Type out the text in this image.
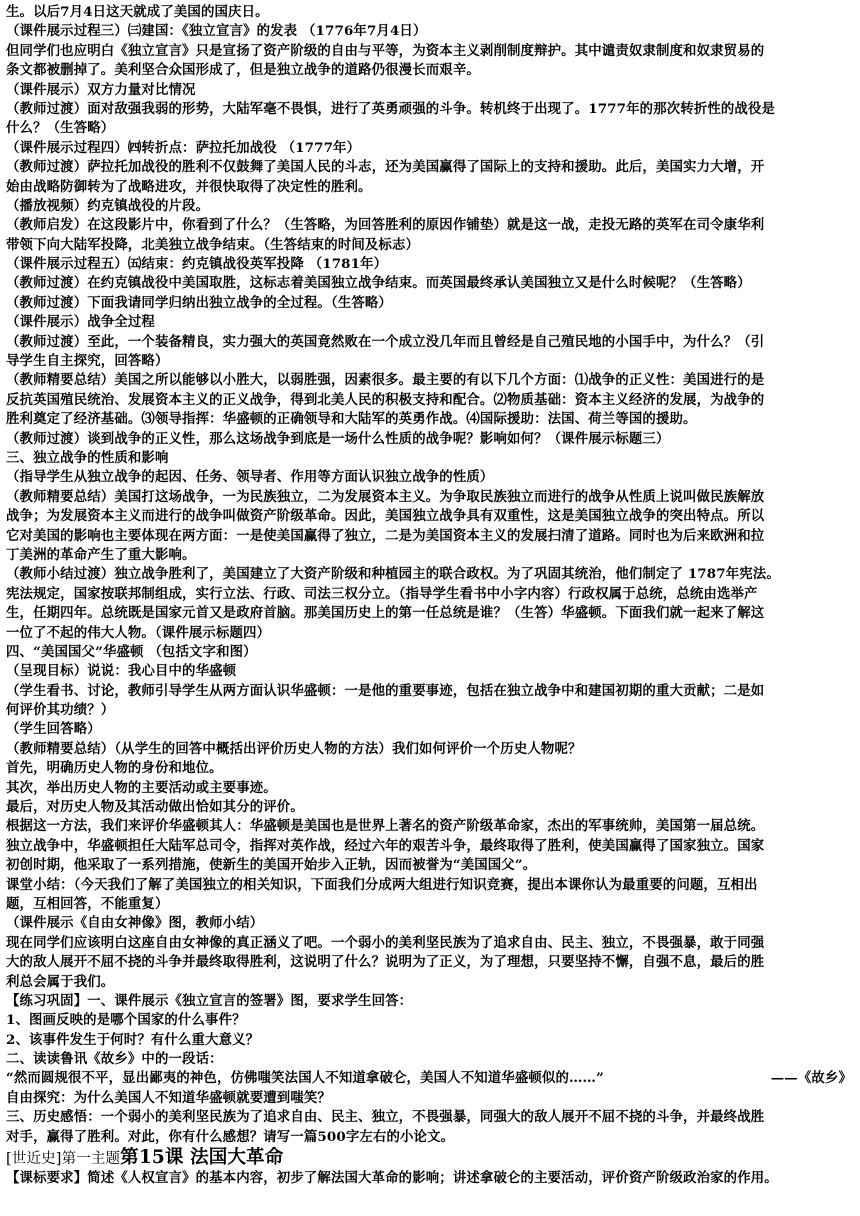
生。以后7月4日这天就成了美国的国庆日。
（课件展示过程三）㈢建国：《独立宣言》的发表 （1776年7月4日）
但同学们也应明白《独立宣言》只是宣扬了资产阶级的自由与平等，为资本主义剥削制度辩护。其中谴责奴隶制度和奴隶贸易的
条文都被删掉了。美利坚合众国形成了，但是独立战争的道路仍很漫长而艰辛。
（课件展示）双方力量对比情况
（教师过渡）面对敌强我弱的形势，大陆军毫不畏惧，进行了英勇顽强的斗争。转机终于出现了。1777年的那次转折性的战役是
什么？（生答略）
（课件展示过程四）㈣转折点：萨拉托加战役 （1777年）
（教师过渡）萨拉托加战役的胜利不仅鼓舞了美国人民的斗志，还为美国赢得了国际上的支持和援助。此后，美国实力大增，开
始由战略防御转为了战略进攻，并很快取得了决定性的胜利。
（播放视频）约克镇战役的片段。
（教师启发）在这段影片中，你看到了什么？（生答略，为回答胜利的原因作铺垫）就是这一战，走投无路的英军在司令康华利
带领下向大陆军投降，北美独立战争结束。（生答结束的时间及标志）
（课件展示过程五）㈤结束：约克镇战役英军投降 （1781年）
（教师过渡）在约克镇战役中美国取胜，这标志着美国独立战争结束。而英国最终承认美国独立又是什么时候呢？（生答略）
（教师过渡）下面我请同学归纳出独立战争的全过程。（生答略）
（课件展示）战争全过程
（教师过渡）至此，一个装备精良，实力强大的英国竟然败在一个成立没几年而且曾经是自己殖民地的小国手中，为什么？（引
导学生自主探究，回答略）
（教师精要总结）美国之所以能够以小胜大，以弱胜强，因素很多。最主要的有以下几个方面：⑴战争的正义性：美国进行的是
反抗英国殖民统治、发展资本主义的正义战争，得到北美人民的积极支持和配合。⑵物质基础：资本主义经济的发展，为战争的
胜利奠定了经济基础。⑶领导指挥：华盛顿的正确领导和大陆军的英勇作战。⑷国际援助：法国、荷兰等国的援助。
（教师过渡）谈到战争的正义性，那么这场战争到底是一场什么性质的战争呢？影响如何？（课件展示标题三）
三、独立战争的性质和影响
（指导学生从独立战争的起因、任务、领导者、作用等方面认识独立战争的性质）
（教师精要总结）美国打这场战争，一为民族独立，二为发展资本主义。为争取民族独立而进行的战争从性质上说叫做民族解放
战争；为发展资本主义而进行的战争叫做资产阶级革命。因此，美国独立战争具有双重性，这是美国独立战争的突出特点。所以
它对美国的影响也主要体现在两方面：一是使美国赢得了独立，二是为美国资本主义的发展扫清了道路。同时也为后来欧洲和拉
丁美洲的革命产生了重大影响。
（教师小结过渡）独立战争胜利了，美国建立了大资产阶级和种植园主的联合政权。为了巩固其统治，他们制定了 1787年宪法。
宪法规定，国家按联邦制组成，实行立法、行政、司法三权分立。（指导学生看书中小字内容）行政权属于总统，总统由选举产
生，任期四年。总统既是国家元首又是政府首脑。那美国历史上的第一任总统是谁？（生答）华盛顿。下面我们就一起来了解这
一位了不起的伟大人物。（课件展示标题四）
四、“美国国父”华盛顿 （包括文字和图）
（呈现目标）说说：我心目中的华盛顿
（学生看书、讨论，教师引导学生从两方面认识华盛顿：一是他的重要事迹，包括在独立战争中和建国初期的重大贡献；二是如
何评价其功绩？）
（学生回答略）
（教师精要总结）（从学生的回答中概括出评价历史人物的方法）我们如何评价一个历史人物呢？
首先，明确历史人物的身份和地位。
其次，举出历史人物的主要活动或主要事迹。
最后，对历史人物及其活动做出恰如其分的评价。
根据这一方法，我们来评价华盛顿其人：华盛顿是美国也是世界上著名的资产阶级革命家，杰出的军事统帅，美国第一届总统。
独立战争中，华盛顿担任大陆军总司令，指挥对英作战，经过六年的艰苦斗争，最终取得了胜利，使美国赢得了国家独立。国家
初创时期，他采取了一系列措施，使新生的美国开始步入正轨，因而被誉为“美国国父”。
课堂小结：（今天我们了解了美国独立的相关知识，下面我们分成两大组进行知识竞赛，提出本课你认为最重要的问题，互相出
题，互相回答，不能重复）
（课件展示《自由女神像》图，教师小结）
现在同学们应该明白这座自由女神像的真正涵义了吧。一个弱小的美利坚民族为了追求自由、民主、独立，不畏强暴，敢于同强
大的敌人展开不屈不挠的斗争并最终取得胜利，这说明了什么？说明为了正义，为了理想，只要坚持不懈，自强不息，最后的胜
利总会属于我们。
【练习巩固】一、课件展示《独立宣言的签署》图，要求学生回答：
1、图画反映的是哪个国家的什么事件？
2、该事件发生于何时？有什么重大意义？
二、读读鲁讯《故乡》中的一段话：
“然而圆规很不平，显出鄙夷的神色，仿佛嗤笑法国人不知道拿破仑，美国人不知道华盛顿似的……”	——《故乡》
自由探究：为什么美国人不知道华盛顿就要遭到嗤笑？
三、历史感悟：一个弱小的美利坚民族为了追求自由、民主、独立，不畏强暴，同强大的敌人展开不屈不挠的斗争，并最终战胜
对手，赢得了胜利。对此，你有什么感想？请写一篇500字左右的小论文。
[世近史]第一主题第15课 法国大革命
【课标要求】简述《人权宣言》的基本内容，初步了解法国大革命的影响；讲述拿破仑的主要活动，评价资产阶级政治家的作用。
